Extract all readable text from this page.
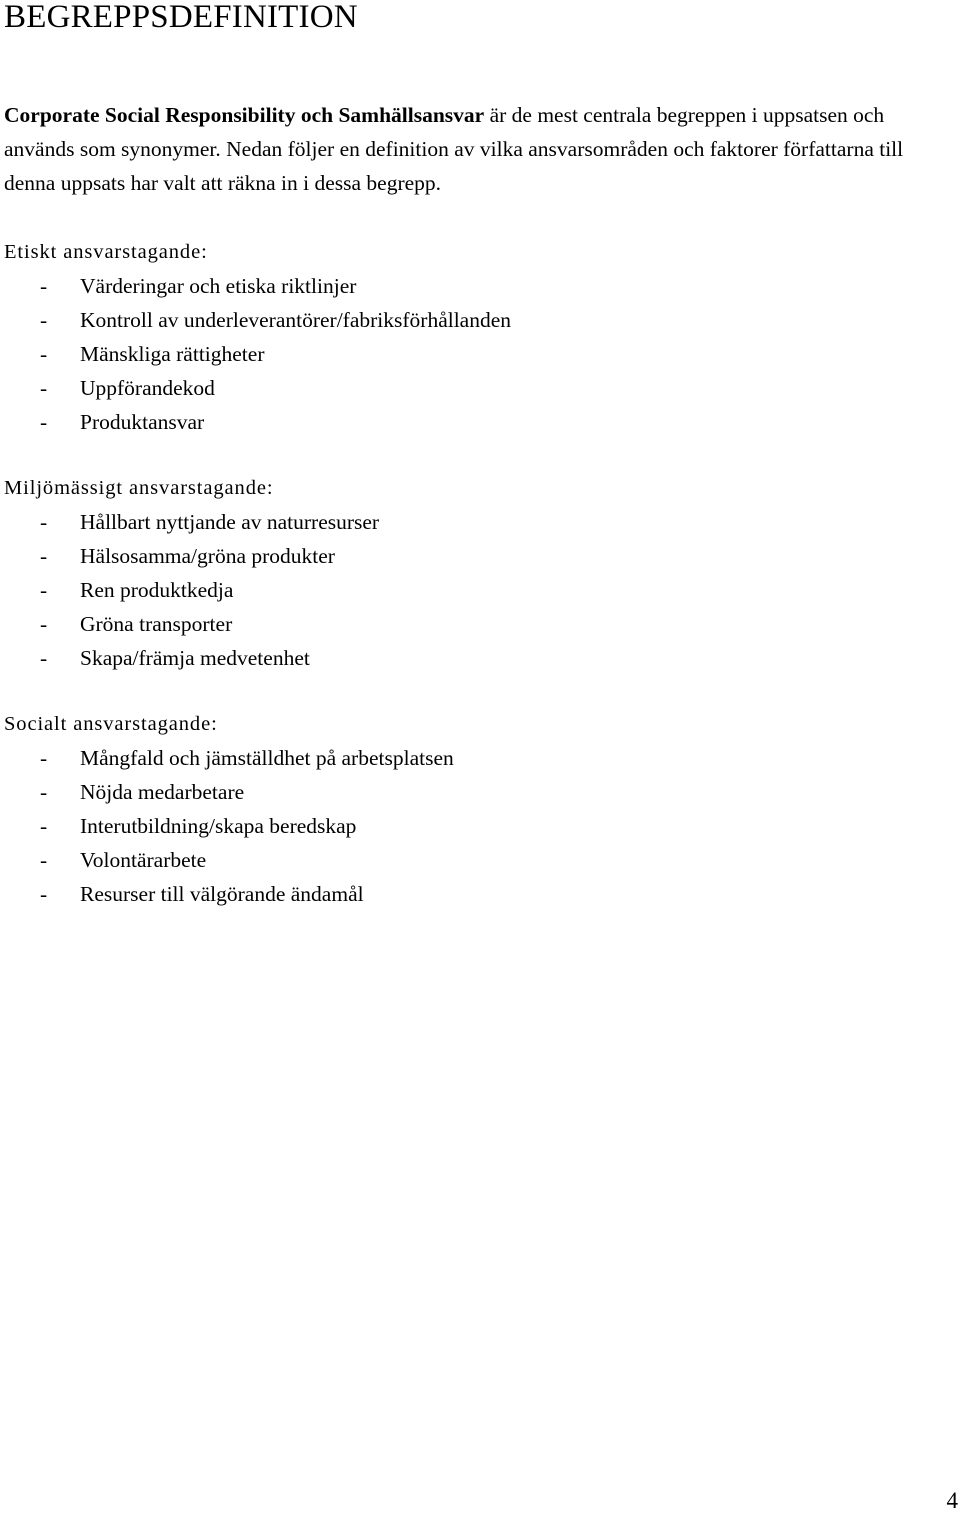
BEGREPPSDEFINITION

Corporate Social Responsibility och Samhällsansvar är de mest centrala begreppen i uppsatsen och används som synonymer. Nedan följer en definition av vilka ansvarsområden och faktorer författarna till denna uppsats har valt att räkna in i dessa begrepp.

Etiskt ansvarstagande:
- Värderingar och etiska riktlinjer
- Kontroll av underleverantörer/fabriksförhållanden
- Mänskliga rättigheter
- Uppförandekod
- Produktansvar
Miljömässigt ansvarstagande:
- Hållbart nyttjande av naturresurser
- Hälsosamma/gröna produkter
- Ren produktkedja
- Gröna transporter
- Skapa/främja medvetenhet
Socialt ansvarstagande:
- Mångfald och jämställdhet på arbetsplatsen
- Nöjda medarbetare
- Interutbildning/skapa beredskap
- Volontärarbete
- Resurser till välgörande ändamål
4
